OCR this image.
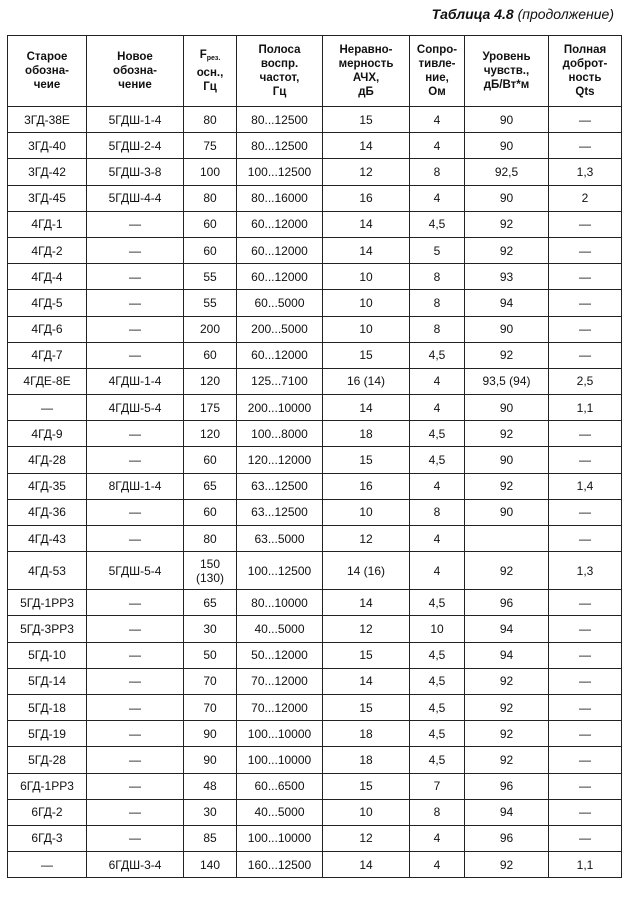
Таблица 4.8 (продолжение)
Старое
обозна-
чеие	Новое
обозна-
чение	$F_{рез.}$
осн.,
Гц	Полоса
воспр.
частот,
Гц	Неравно-
мерность
АЧХ,
дБ	Сопро-
тивле-
ние,
Ом	Уровень
чувств.,
дБ/Вт*м	Полная
доброт-
ность
Qts
3ГД-38Е	5ГДШ-1-4	80	80...12500	15	4	90	—
3ГД-40	5ГДШ-2-4	75	80...12500	14	4	90	—
3ГД-42	5ГДШ-3-8	100	100...12500	12	8	92,5	1,3
3ГД-45	5ГДШ-4-4	80	80...16000	16	4	90	2
4ГД-1	—	60	60...12000	14	4,5	92	—
4ГД-2	—	60	60...12000	14	5	92	—
4ГД-4	—	55	60...12000	10	8	93	—
4ГД-5	—	55	60...5000	10	8	94	—
4ГД-6	—	200	200...5000	10	8	90	—
4ГД-7	—	60	60...12000	15	4,5	92	—
4ГДЕ-8Е	4ГДШ-1-4	120	125...7100	16 (14)	4	93,5 (94)	2,5
—	4ГДШ-5-4	175	200...10000	14	4	90	1,1
4ГД-9	—	120	100...8000	18	4,5	92	—
4ГД-28	—	60	120...12000	15	4,5	90	—
4ГД-35	8ГДШ-1-4	65	63...12500	16	4	92	1,4
4ГД-36	—	60	63...12500	10	8	90	—
4ГД-43	—	80	63...5000	12	4		—
4ГД-53	5ГДШ-5-4	150
(130)	100...12500	14 (16)	4	92	1,3
5ГД-1РР3	—	65	80...10000	14	4,5	96	—
5ГД-3РР3	—	30	40...5000	12	10	94	—
5ГД-10	—	50	50...12000	15	4,5	94	—
5ГД-14	—	70	70...12000	14	4,5	92	—
5ГД-18	—	70	70...12000	15	4,5	92	—
5ГД-19	—	90	100...10000	18	4,5	92	—
5ГД-28	—	90	100...10000	18	4,5	92	—
6ГД-1РР3	—	48	60...6500	15	7	96	—
6ГД-2	—	30	40...5000	10	8	94	—
6ГД-3	—	85	100...10000	12	4	96	—
—	6ГДШ-3-4	140	160...12500	14	4	92	1,1
